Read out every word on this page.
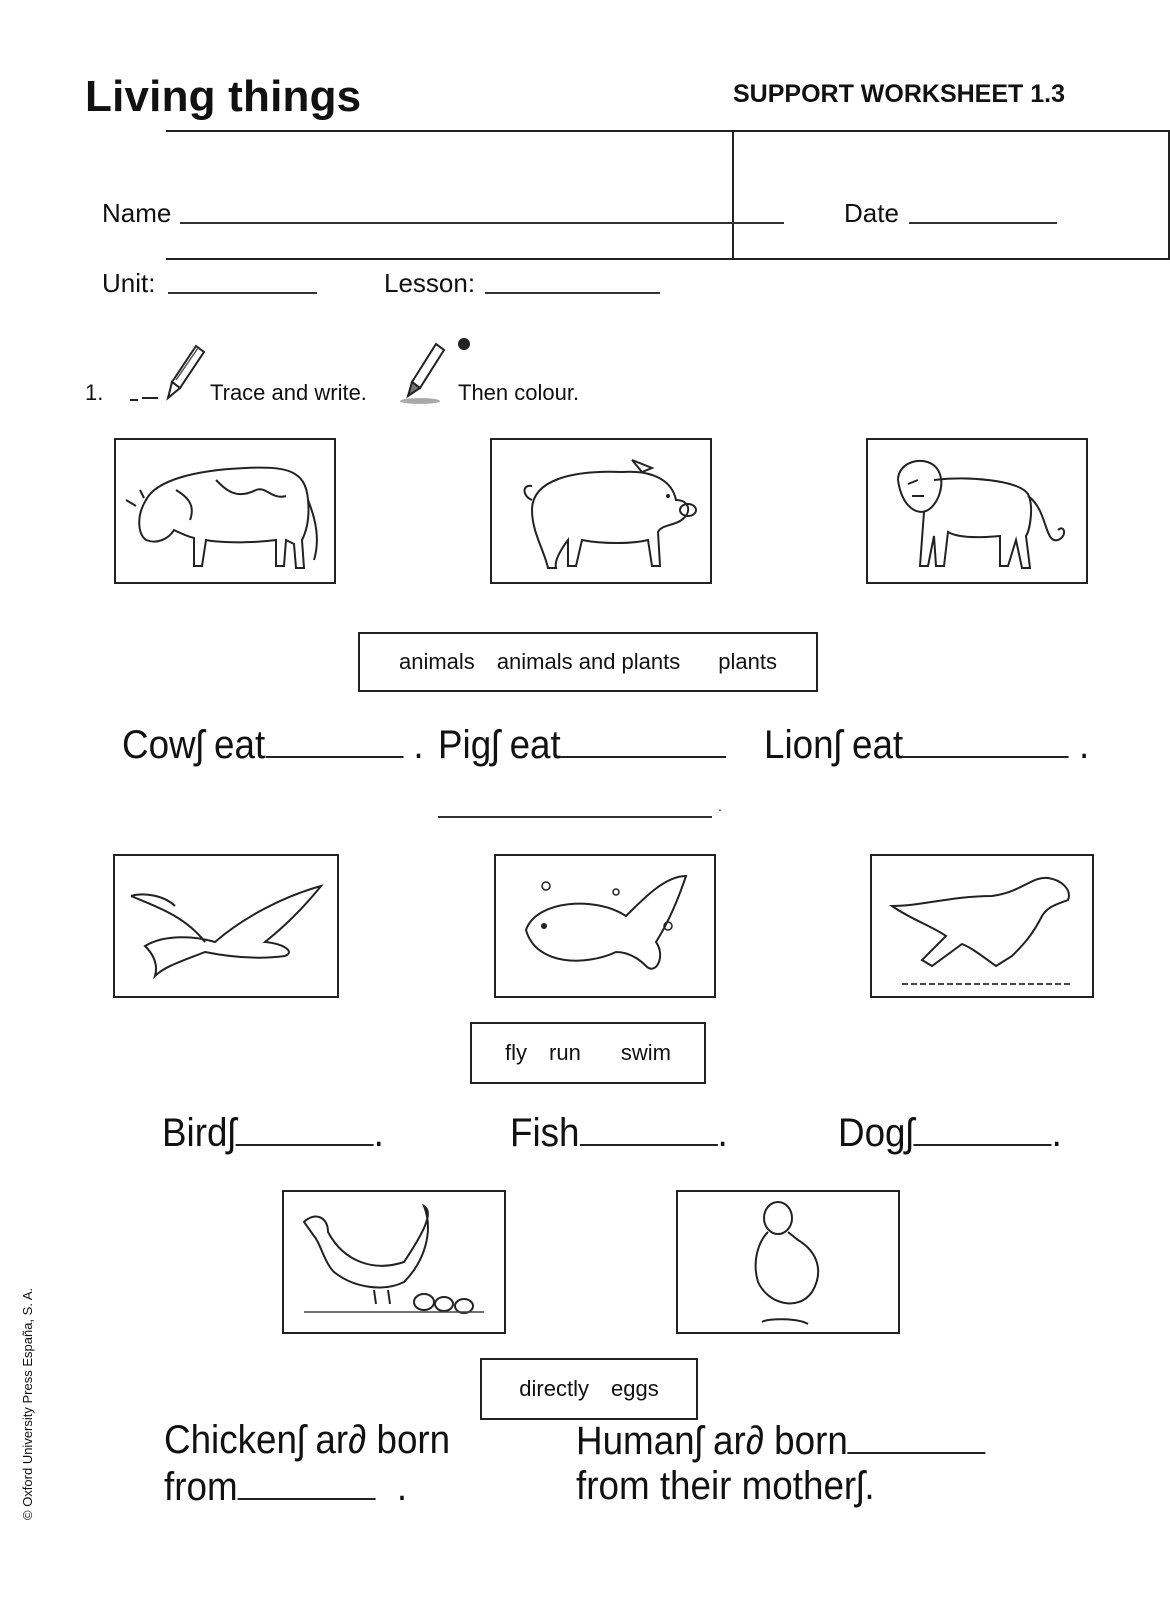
Living things	SUPPORT WORKSHEET 1.3
Name	Date
Unit:	Lesson:
1.	Trace and write.	Then colour.
animals animals and plants plants
Cowʃ eat	. Pigʃ eat	Lionʃ eat	.
.
fly run swim
Birdʃ	.	Fish	.	Dogʃ	.
directly eggs
Chickenʃ ar∂ born
from	.
Humanʃ ar∂ born
from their motherʃ.
© Oxford University Press España, S. A.
